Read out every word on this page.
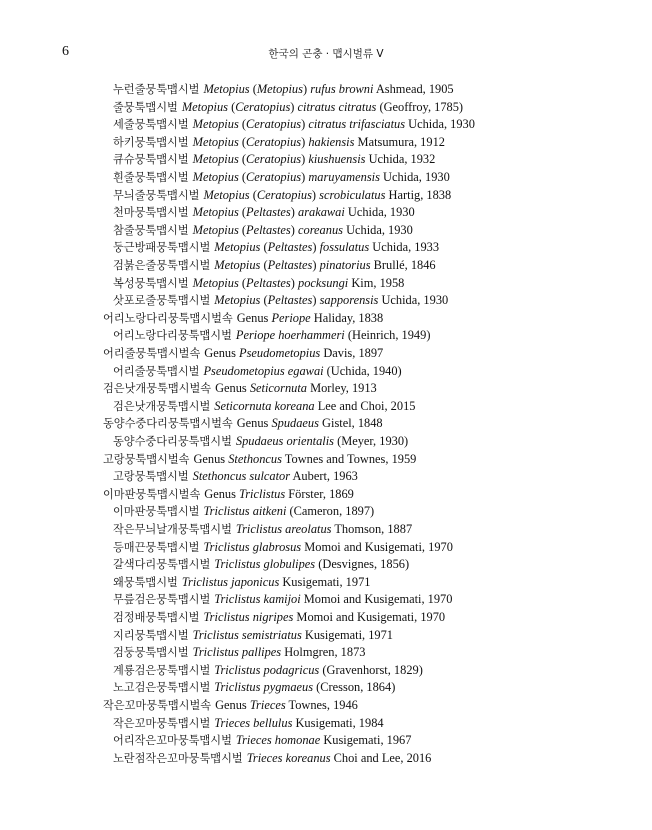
6	한국의 곤충 · 맵시벌류 V
누런줄뭉툭맵시벌 Metopius (Metopius) rufus browni Ashmead, 1905
줄뭉툭맵시벌 Metopius (Ceratopius) citratus citratus (Geoffroy, 1785)
세줄뭉툭맵시벌 Metopius (Ceratopius) citratus trifasciatus Uchida, 1930
하키뭉툭맵시벌 Metopius (Ceratopius) hakiensis Matsumura, 1912
큐슈뭉툭맵시벌 Metopius (Ceratopius) kiushuensis Uchida, 1932
흰줄뭉툭맵시벌 Metopius (Ceratopius) maruyamensis Uchida, 1930
무늬줄뭉툭맵시벌 Metopius (Ceratopius) scrobiculatus Hartig, 1838
천마뭉툭맵시벌 Metopius (Peltastes) arakawai Uchida, 1930
참줄뭉툭맵시벌 Metopius (Peltastes) coreanus Uchida, 1930
둥근방패뭉툭맵시벌 Metopius (Peltastes) fossulatus Uchida, 1933
검붉은줄뭉툭맵시벌 Metopius (Peltastes) pinatorius Brullé, 1846
복성뭉툭맵시벌 Metopius (Peltastes) pocksungi Kim, 1958
삿포로줄뭉툭맵시벌 Metopius (Peltastes) sapporensis Uchida, 1930
어리노랑다리뭉툭맵시벌속 Genus Periope Haliday, 1838
어리노랑다리뭉툭맵시벌 Periope hoerhammeri (Heinrich, 1949)
어리줄뭉툭맵시벌속 Genus Pseudometopius Davis, 1897
어리줄뭉툭맵시벌 Pseudometopius egawai (Uchida, 1940)
검은낫개뭉툭맵시벌속 Genus Seticornuta Morley, 1913
검은낫개뭉툭맵시벌 Seticornuta koreana Lee and Choi, 2015
동양수중다리뭉툭맵시벌속 Genus Spudaeus Gistel, 1848
동양수중다리뭉툭맵시벌 Spudaeus orientalis (Meyer, 1930)
고랑뭉툭맵시벌속 Genus Stethoncus Townes and Townes, 1959
고랑뭉툭맵시벌 Stethoncus sulcator Aubert, 1963
이마판뭉툭맵시벌속 Genus Triclistus Förster, 1869
이마판뭉툭맵시벌 Triclistus aitkeni (Cameron, 1897)
작은무늬날개뭉툭맵시벌 Triclistus areolatus Thomson, 1887
등매끈뭉툭맵시벌 Triclistus glabrosus Momoi and Kusigemati, 1970
갈색다리뭉툭맵시벌 Triclistus globulipes (Desvignes, 1856)
왜뭉툭맵시벌 Triclistus japonicus Kusigemati, 1971
무릎검은뭉툭맵시벌 Triclistus kamijoi Momoi and Kusigemati, 1970
검정배뭉툭맵시벌 Triclistus nigripes Momoi and Kusigemati, 1970
지리뭉툭맵시벌 Triclistus semistriatus Kusigemati, 1971
검둥뭉툭맵시벌 Triclistus pallipes Holmgren, 1873
계룡검은뭉툭맵시벌 Triclistus podagricus (Gravenhorst, 1829)
노고검은뭉툭맵시벌 Triclistus pygmaeus (Cresson, 1864)
작은꼬마뭉툭맵시벌속 Genus Trieces Townes, 1946
작은꼬마뭉툭맵시벌 Trieces bellulus Kusigemati, 1984
어리작은꼬마뭉툭맵시벌 Trieces homonae Kusigemati, 1967
노란점작은꼬마뭉툭맵시벌 Trieces koreanus Choi and Lee, 2016
